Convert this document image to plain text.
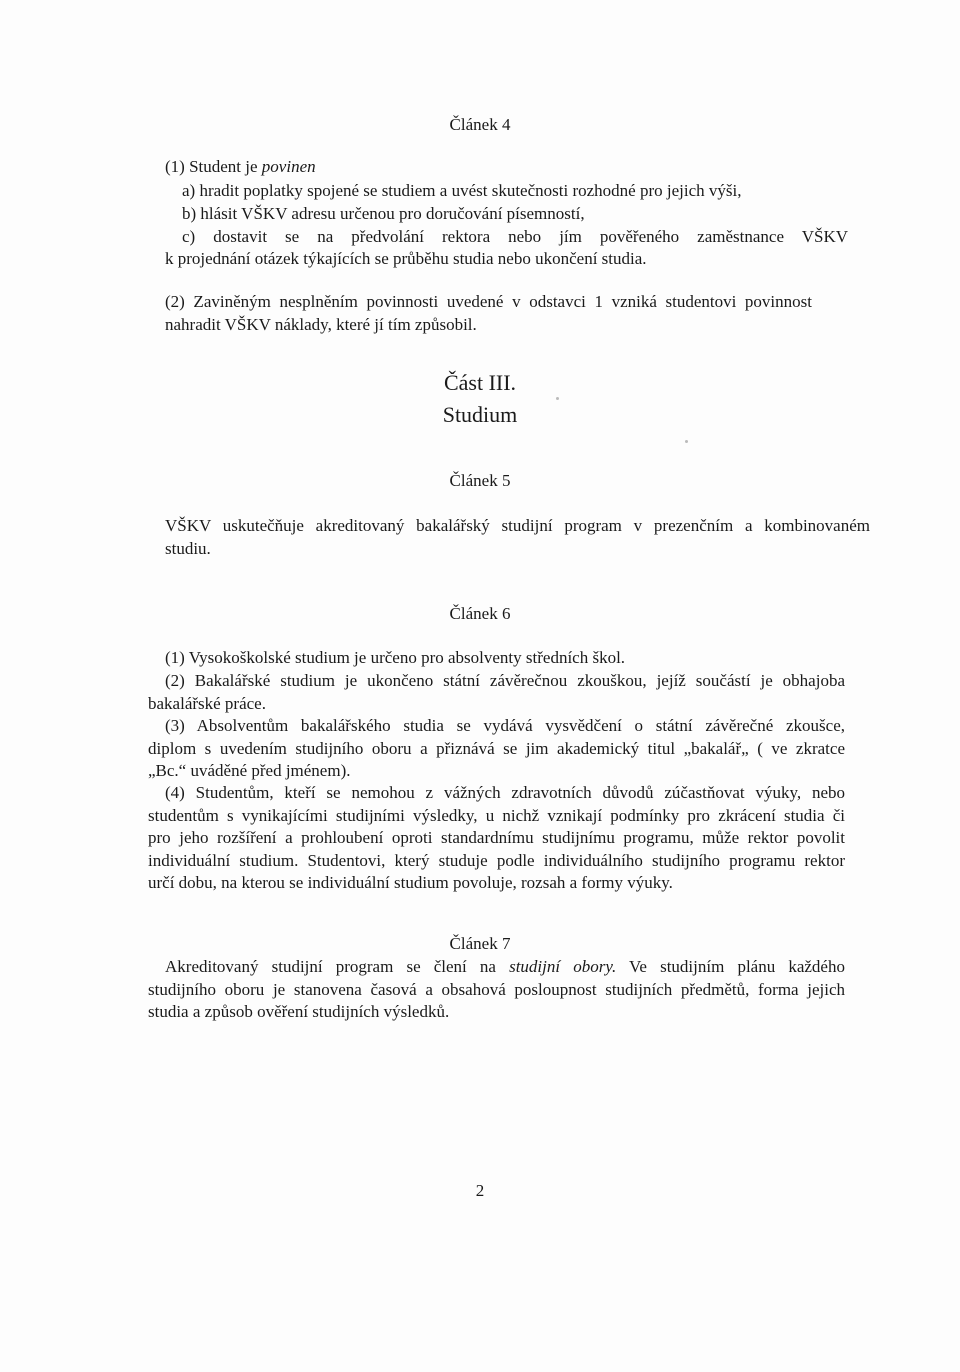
Článek 4
(1) Student je povinen
a) hradit poplatky spojené se studiem a uvést skutečnosti rozhodné pro jejich výši,
b) hlásit VŠKV adresu určenou pro doručování písemností,
c) dostavit se na předvolání rektora nebo jím pověřeného zaměstnance VŠKV
k projednání otázek týkajících se průběhu studia nebo ukončení studia.
(2) Zaviněným nesplněním povinnosti uvedené v odstavci 1 vzniká studentovi povinnost
nahradit VŠKV náklady, které jí tím způsobil.
Část III.
Studium
Článek 5
VŠKV uskutečňuje akreditovaný bakalářský studijní program v prezenčním a kombinovaném
studiu.
Článek 6
(1) Vysokoškolské studium je určeno pro absolventy středních škol.
(2) Bakalářské studium je ukončeno státní závěrečnou zkouškou, jejíž součástí je obhajoba
bakalářské práce.
(3) Absolventům bakalářského studia se vydává vysvědčení o státní závěrečné zkoušce,
diplom s uvedením studijního oboru a přiznává se jim akademický titul „bakalář„ ( ve zkratce
„Bc.“ uváděné před jménem).
(4) Studentům, kteří se nemohou z vážných zdravotních důvodů zúčastňovat výuky, nebo
studentům s vynikajícími studijními výsledky, u nichž vznikají podmínky pro zkrácení studia či
pro jeho rozšíření a prohloubení oproti standardnímu studijnímu programu, může rektor povolit
individuální studium. Studentovi, který studuje podle individuálního studijního programu rektor
určí dobu, na kterou se individuální studium povoluje, rozsah a formy výuky.
Článek 7
Akreditovaný studijní program se člení na studijní obory. Ve studijním plánu každého
studijního oboru je stanovena časová a obsahová posloupnost studijních předmětů, forma jejich
studia a způsob ověření studijních výsledků.
2
